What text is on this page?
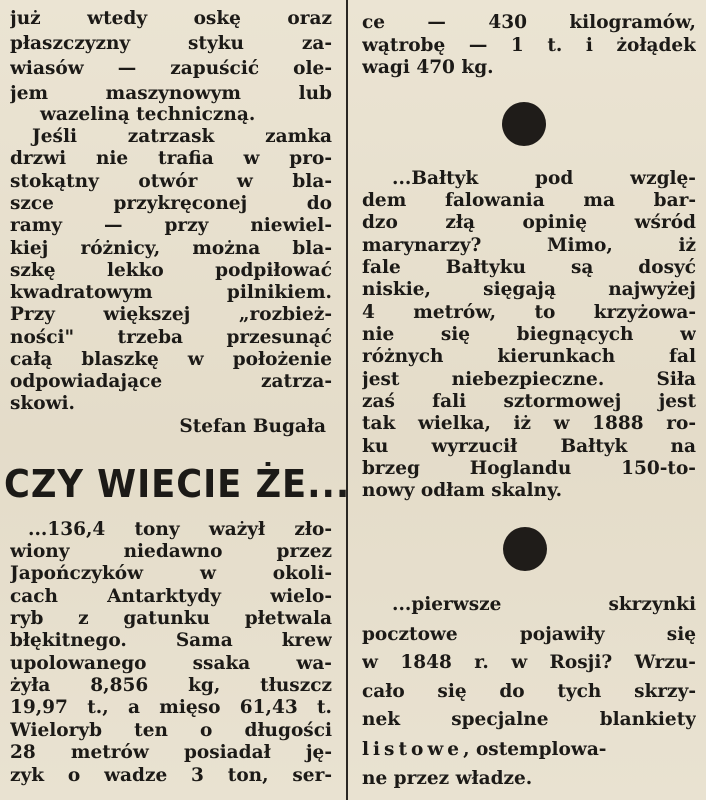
już wtedy oskę oraz
płaszczyzny styku za-
wiasów — zapuścić ole-
jem maszynowym lub
wazeliną techniczną.
Jeśli zatrzask zamka
drzwi nie trafia w pro-
stokątny otwór w bla-
szce przykręconej do
ramy — przy niewiel-
kiej różnicy, można bla-
szkę lekko podpiłować
kwadratowym pilnikiem.
Przy większej „rozbież-
ności" trzeba przesunąć
całą blaszkę w położenie
odpowiadające zatrza-
skowi.
Stefan Bugała
...136,4 tony ważył zło-
wiony niedawno przez
Japończyków w okoli-
cach Antarktydy wielo-
ryb z gatunku płetwala
błękitnego. Sama krew
upolowanego ssaka wa-
żyła 8,856 kg, tłuszcz
19,97 t., a mięso 61,43 t.
Wieloryb ten o długości
28 metrów posiadał ję-
zyk o wadze 3 ton, ser-
CZY WIECIE ŻE...
ce — 430 kilogramów,
wątrobę — 1 t. i żołądek
wagi 470 kg.
...Bałtyk pod wzglę-
dem falowania ma bar-
dzo złą opinię wśród
marynarzy? Mimo, iż
fale Bałtyku są dosyć
niskie, sięgają najwyżej
4 metrów, to krzyżowa-
nie się biegnących w
różnych kierunkach fal
jest niebezpieczne. Siła
zaś fali sztormowej jest
tak wielka, iż w 1888 ro-
ku wyrzucił Bałtyk na
brzeg Hoglandu 150-to-
nowy odłam skalny.
...pierwsze skrzynki
pocztowe pojawiły się
w 1848 r. w Rosji? Wrzu-
cało się do tych skrzy-
nek specjalne blankiety
listowe, ostemplowa-
ne przez władze.
